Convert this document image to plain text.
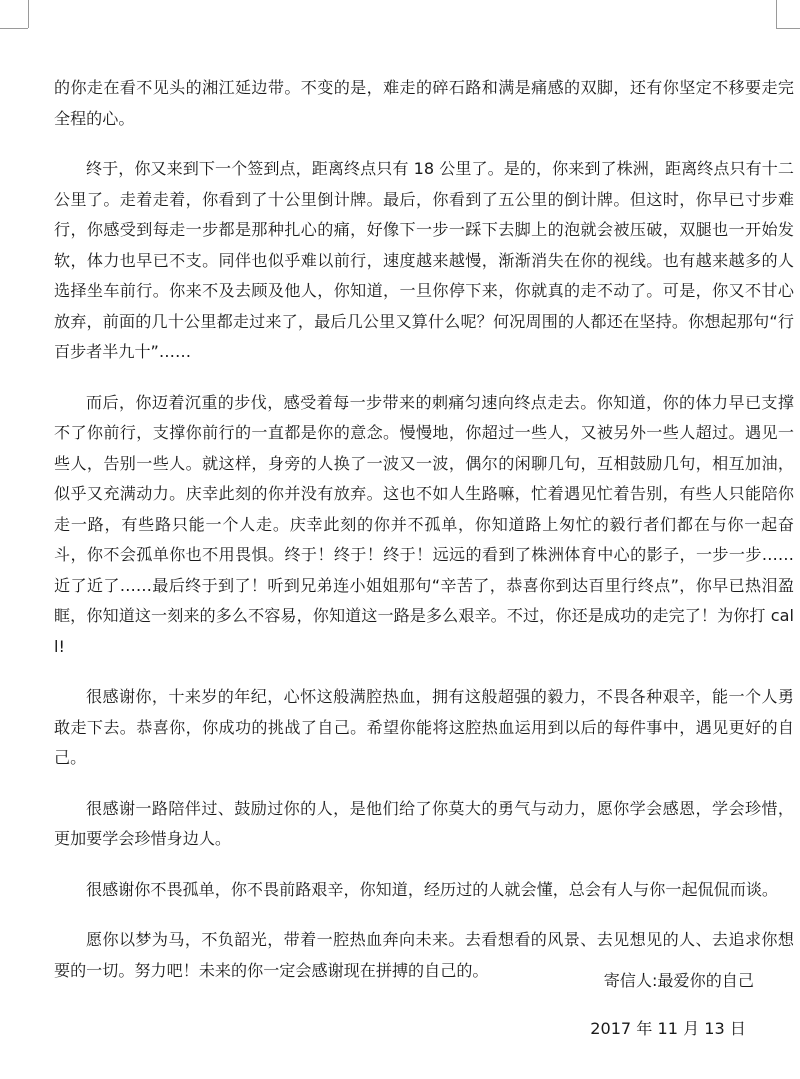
的你走在看不见头的湘江延边带。不变的是，难走的碎石路和满是痛感的双脚，还有你坚定不移要走完全程的心。

终于，你又来到下一个签到点，距离终点只有 18 公里了。是的，你来到了株洲，距离终点只有十二公里了。走着走着，你看到了十公里倒计牌。最后，你看到了五公里的倒计牌。但这时，你早已寸步难行，你感受到每走一步都是那种扎心的痛，好像下一步一踩下去脚上的泡就会被压破，双腿也一开始发软，体力也早已不支。同伴也似乎难以前行，速度越来越慢，渐渐消失在你的视线。也有越来越多的人选择坐车前行。你来不及去顾及他人，你知道，一旦你停下来，你就真的走不动了。可是，你又不甘心放弃，前面的几十公里都走过来了，最后几公里又算什么呢？何况周围的人都还在坚持。你想起那句“行百步者半九十”……

而后，你迈着沉重的步伐，感受着每一步带来的刺痛匀速向终点走去。你知道，你的体力早已支撑不了你前行，支撑你前行的一直都是你的意念。慢慢地，你超过一些人，又被另外一些人超过。遇见一些人，告别一些人。就这样，身旁的人换了一波又一波，偶尔的闲聊几句，互相鼓励几句，相互加油，似乎又充满动力。庆幸此刻的你并没有放弃。这也不如人生路嘛，忙着遇见忙着告别，有些人只能陪你走一路，有些路只能一个人走。庆幸此刻的你并不孤单，你知道路上匆忙的毅行者们都在与你一起奋斗，你不会孤单你也不用畏惧。终于！终于！终于！远远的看到了株洲体育中心的影子，一步一步……近了近了……最后终于到了！听到兄弟连小姐姐那句“辛苦了，恭喜你到达百里行终点”，你早已热泪盈眶，你知道这一刻来的多么不容易，你知道这一路是多么艰辛。不过，你还是成功的走完了！为你打 call!

很感谢你，十来岁的年纪，心怀这般满腔热血，拥有这般超强的毅力，不畏各种艰辛，能一个人勇敢走下去。恭喜你，你成功的挑战了自己。希望你能将这腔热血运用到以后的每件事中，遇见更好的自己。

很感谢一路陪伴过、鼓励过你的人，是他们给了你莫大的勇气与动力，愿你学会感恩，学会珍惜，更加要学会珍惜身边人。

很感谢你不畏孤单，你不畏前路艰辛，你知道，经历过的人就会懂，总会有人与你一起侃侃而谈。

愿你以梦为马，不负韶光，带着一腔热血奔向未来。去看想看的风景、去见想见的人、去追求你想要的一切。努力吧！未来的你一定会感谢现在拼搏的自己的。

寄信人:最爱你的自己
2017 年 11 月 13 日
